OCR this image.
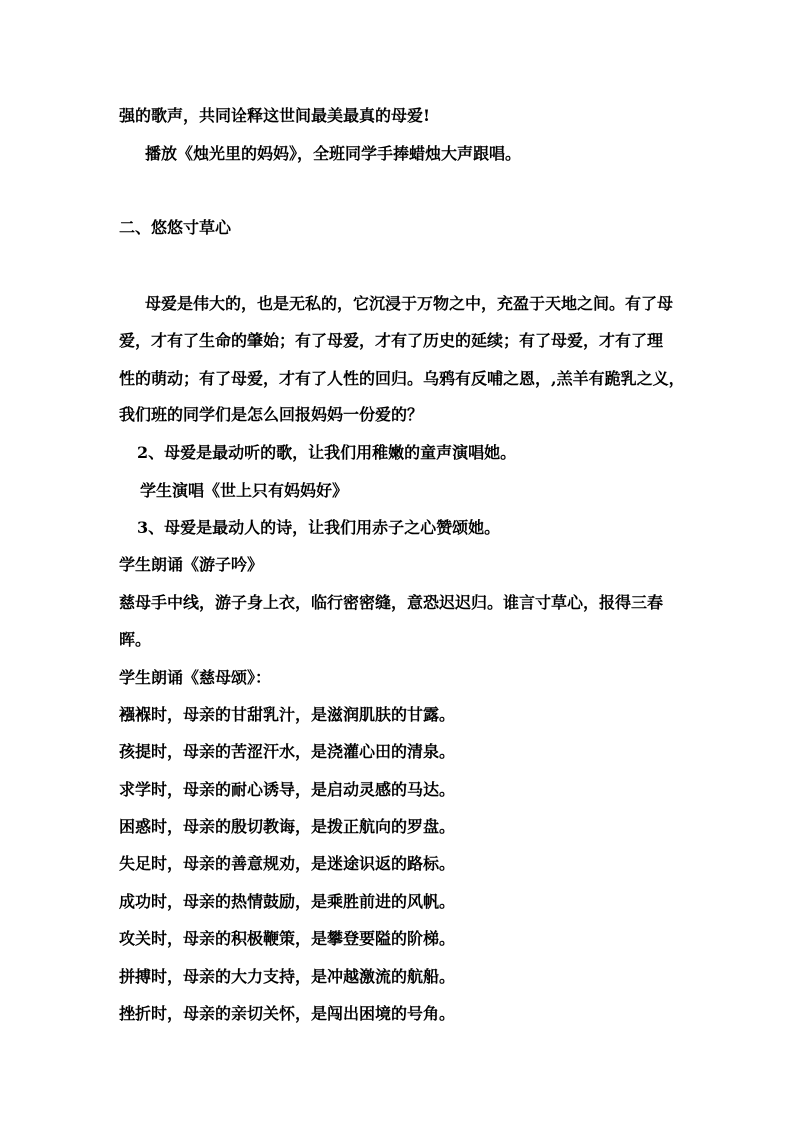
强的歌声，共同诠释这世间最美最真的母爱!
播放《烛光里的妈妈》，全班同学手捧蜡烛大声跟唱。
二、悠悠寸草心
母爱是伟大的，也是无私的，它沉浸于万物之中，充盈于天地之间。有了母
爱，才有了生命的肇始；有了母爱，才有了历史的延续；有了母爱，才有了理
性的萌动；有了母爱，才有了人性的回归。乌鸦有反哺之恩，,羔羊有跪乳之义，
我们班的同学们是怎么回报妈妈一份爱的？
2、母爱是最动听的歌，让我们用稚嫩的童声演唱她。
学生演唱《世上只有妈妈好》
3、母爱是最动人的诗，让我们用赤子之心赞颂她。
学生朗诵《游子吟》
慈母手中线，游子身上衣，临行密密缝，意恐迟迟归。谁言寸草心，报得三春
晖。
学生朗诵《慈母颂》：
襁褓时，母亲的甘甜乳汁，是滋润肌肤的甘露。
孩提时，母亲的苦涩汗水，是浇灌心田的清泉。
求学时，母亲的耐心诱导，是启动灵感的马达。
困惑时，母亲的殷切教诲，是拨正航向的罗盘。
失足时，母亲的善意规劝，是迷途识返的路标。
成功时，母亲的热情鼓励，是乘胜前进的风帆。
攻关时，母亲的积极鞭策，是攀登要隘的阶梯。
拼搏时，母亲的大力支持，是冲越激流的航船。
挫折时，母亲的亲切关怀，是闯出困境的号角。
